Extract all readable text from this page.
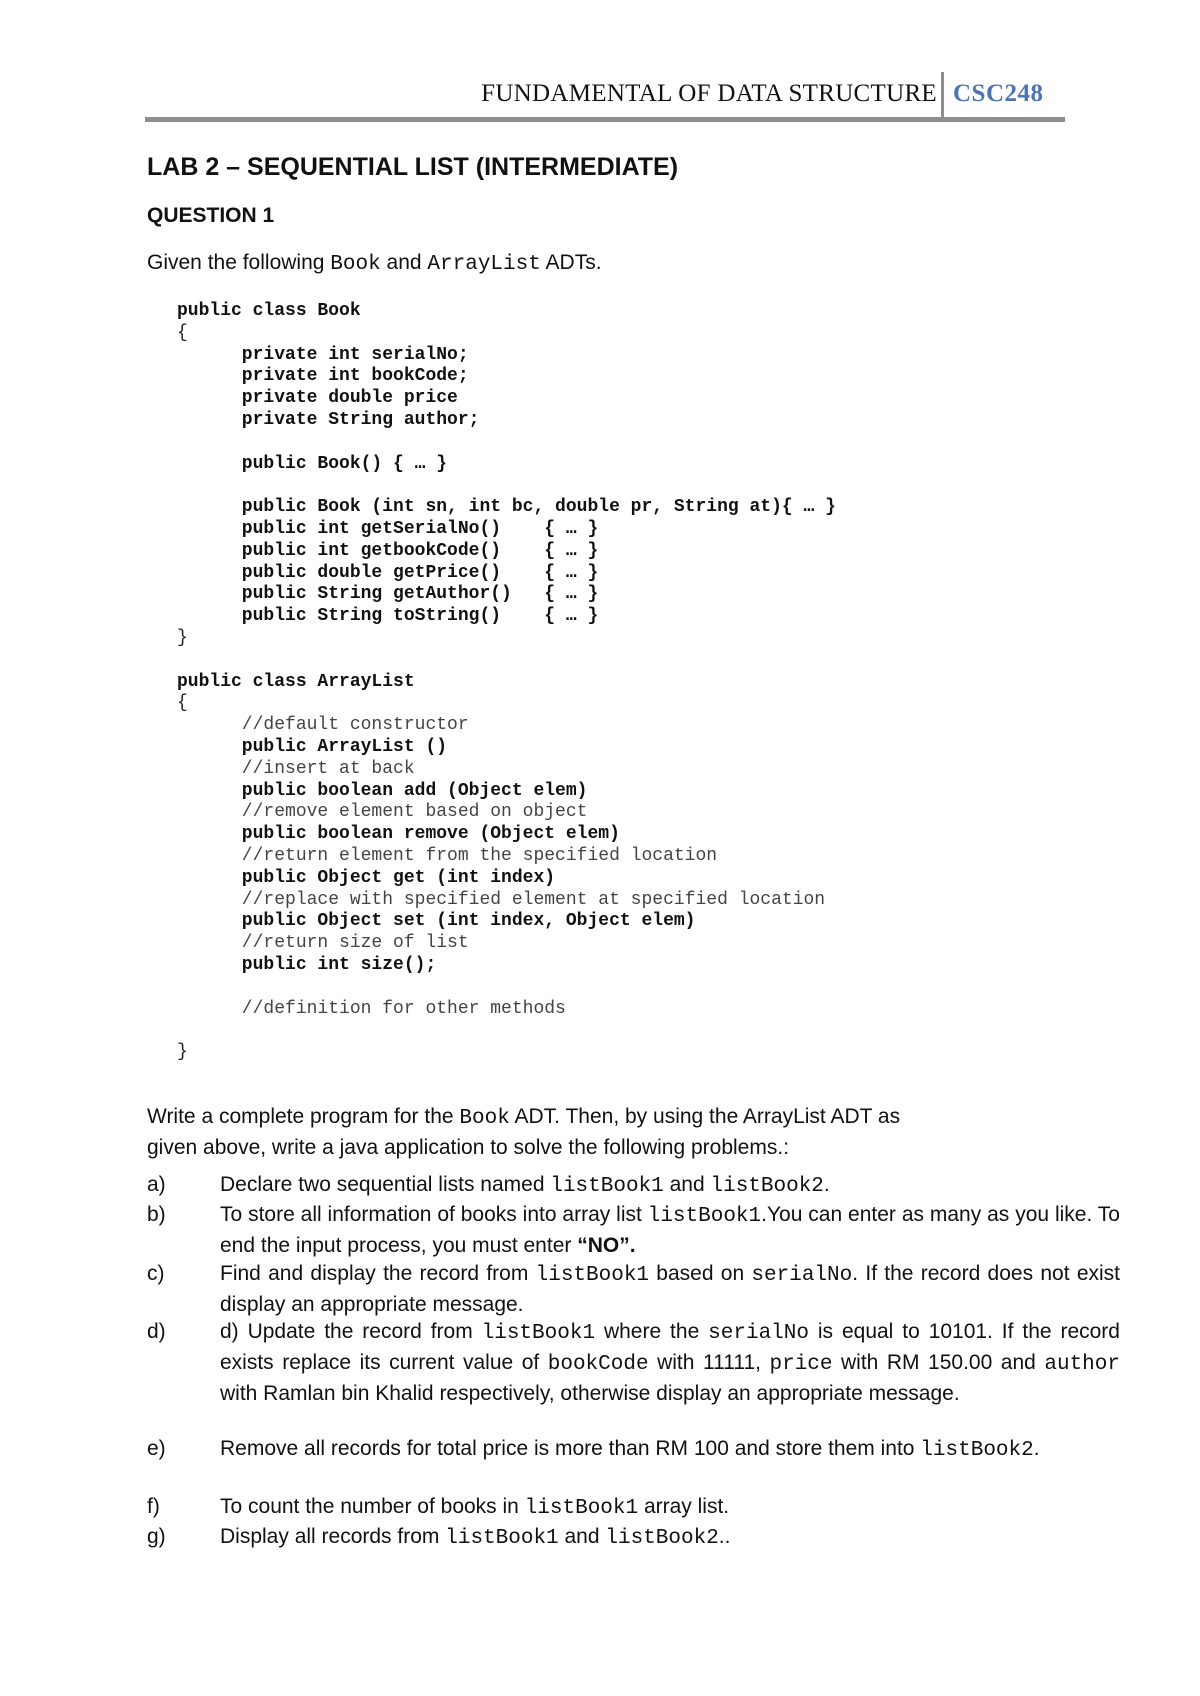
FUNDAMENTAL OF DATA STRUCTURE CSC248
LAB 2 – SEQUENTIAL LIST (INTERMEDIATE)
QUESTION 1
Given the following Book and ArrayList ADTs.
public class Book
{
private int serialNo;
private int bookCode;
private double price
private String author;
public Book() { … }
public Book (int sn, int bc, double pr, String at){ … }
public int getSerialNo()    { … }
public int getbookCode()    { … }
public double getPrice()    { … }
public String getAuthor()   { … }
public String toString()    { … }
}
public class ArrayList
{
//default constructor
public ArrayList ()
//insert at back
public boolean add (Object elem)
//remove element based on object
public boolean remove (Object elem)
//return element from the specified location
public Object get (int index)
//replace with specified element at specified location
public Object set (int index, Object elem)
//return size of list
public int size();
//definition for other methods
}
Write a complete program for the Book ADT. Then, by using the ArrayList ADT as
given above, write a java application to solve the following problems.:
a)	Declare two sequential lists named listBook1 and listBook2.
b)	To store all information of books into array list listBook1.You can enter as many as you like. To end the input process, you must enter “NO”.
c)	Find and display the record from listBook1 based on serialNo. If the record does not exist display an appropriate message.
d)	d) Update the record from listBook1 where the serialNo is equal to 10101. If the record exists replace its current value of bookCode with 11111, price with RM 150.00 and author with Ramlan bin Khalid respectively, otherwise display an appropriate message.
e)	Remove all records for total price is more than RM 100 and store them into listBook2.
f)	To count the number of books in listBook1 array list.
g)	Display all records from listBook1 and listBook2..
